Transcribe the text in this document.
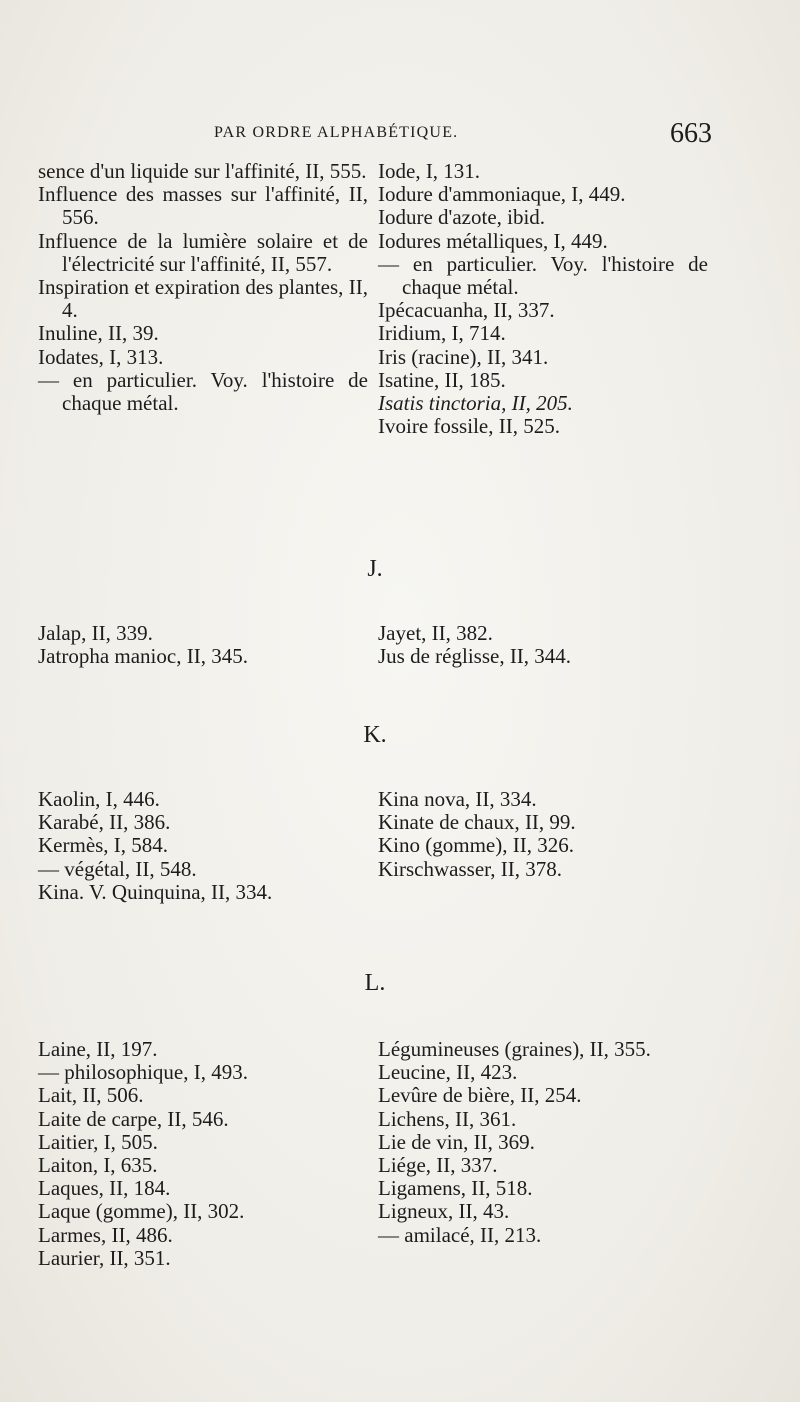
PAR ORDRE ALPHABÉTIQUE.	663
sence d'un liquide sur l'affinité, II, 555.
Influence des masses sur l'affinité, II, 556.
Influence de la lumière solaire et de l'électricité sur l'affinité, II, 557.
Inspiration et expiration des plantes, II, 4.
Inuline, II, 39.
Iodates, I, 313.
— en particulier. Voy. l'histoire de chaque métal.
Iode, I, 131.
Iodure d'ammoniaque, I, 449.
Iodure d'azote, ibid.
Iodures métalliques, I, 449.
— en particulier. Voy. l'histoire de chaque métal.
Ipécacuanha, II, 337.
Iridium, I, 714.
Iris (racine), II, 341.
Isatine, II, 185.
Isatis tinctoria, II, 205.
Ivoire fossile, II, 525.
J.
Jalap, II, 339.
Jatropha manioc, II, 345.
Jayet, II, 382.
Jus de réglisse, II, 344.
K.
Kaolin, I, 446.
Karabé, II, 386.
Kermès, I, 584.
— végétal, II, 548.
Kina. V. Quinquina, II, 334.
Kina nova, II, 334.
Kinate de chaux, II, 99.
Kino (gomme), II, 326.
Kirschwasser, II, 378.
L.
Laine, II, 197.
— philosophique, I, 493.
Lait, II, 506.
Laite de carpe, II, 546.
Laitier, I, 505.
Laiton, I, 635.
Laques, II, 184.
Laque (gomme), II, 302.
Larmes, II, 486.
Laurier, II, 351.
Légumineuses (graines), II, 355.
Leucine, II, 423.
Levûre de bière, II, 254.
Lichens, II, 361.
Lie de vin, II, 369.
Liége, II, 337.
Ligamens, II, 518.
Ligneux, II, 43.
— amilacé, II, 213.
